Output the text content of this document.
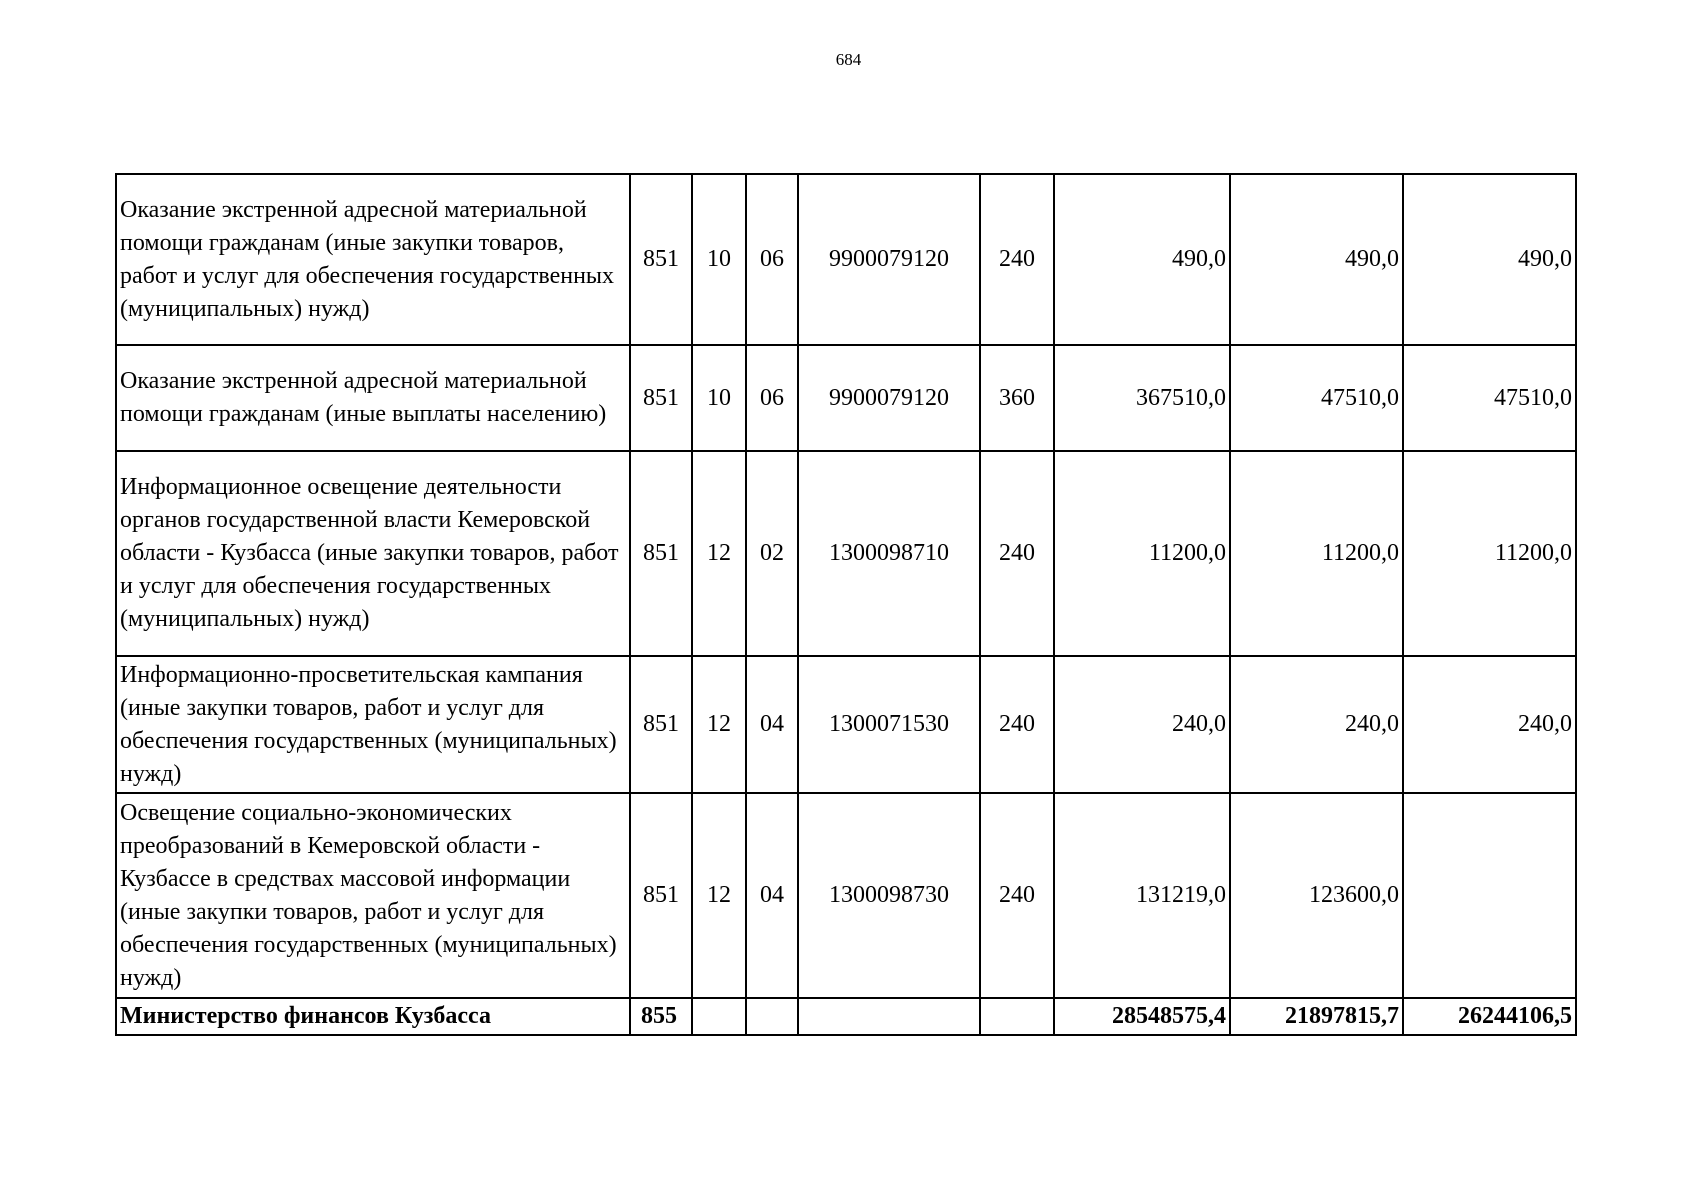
684
Оказание экстренной адресной материальной помощи гражданам (иные закупки товаров, работ и услуг для обеспечения государственных (муниципальных) нужд)	851	10	06	9900079120	240	490,0	490,0	490,0
Оказание экстренной адресной материальной помощи гражданам (иные выплаты населению)	851	10	06	9900079120	360	367510,0	47510,0	47510,0
Информационное освещение деятельности органов государственной власти Кемеровской области - Кузбасса (иные закупки товаров, работ и услуг для обеспечения государственных (муниципальных) нужд)	851	12	02	1300098710	240	11200,0	11200,0	11200,0
Информационно-просветительская кампания (иные закупки товаров, работ и услуг для обеспечения государственных (муниципальных) нужд)	851	12	04	1300071530	240	240,0	240,0	240,0
Освещение социально-экономических преобразований в Кемеровской области - Кузбассе в средствах массовой информации (иные закупки товаров, работ и услуг для обеспечения государственных (муниципальных) нужд)	851	12	04	1300098730	240	131219,0	123600,0	
Министерство финансов Кузбасса	855					28548575,4	21897815,7	26244106,5
